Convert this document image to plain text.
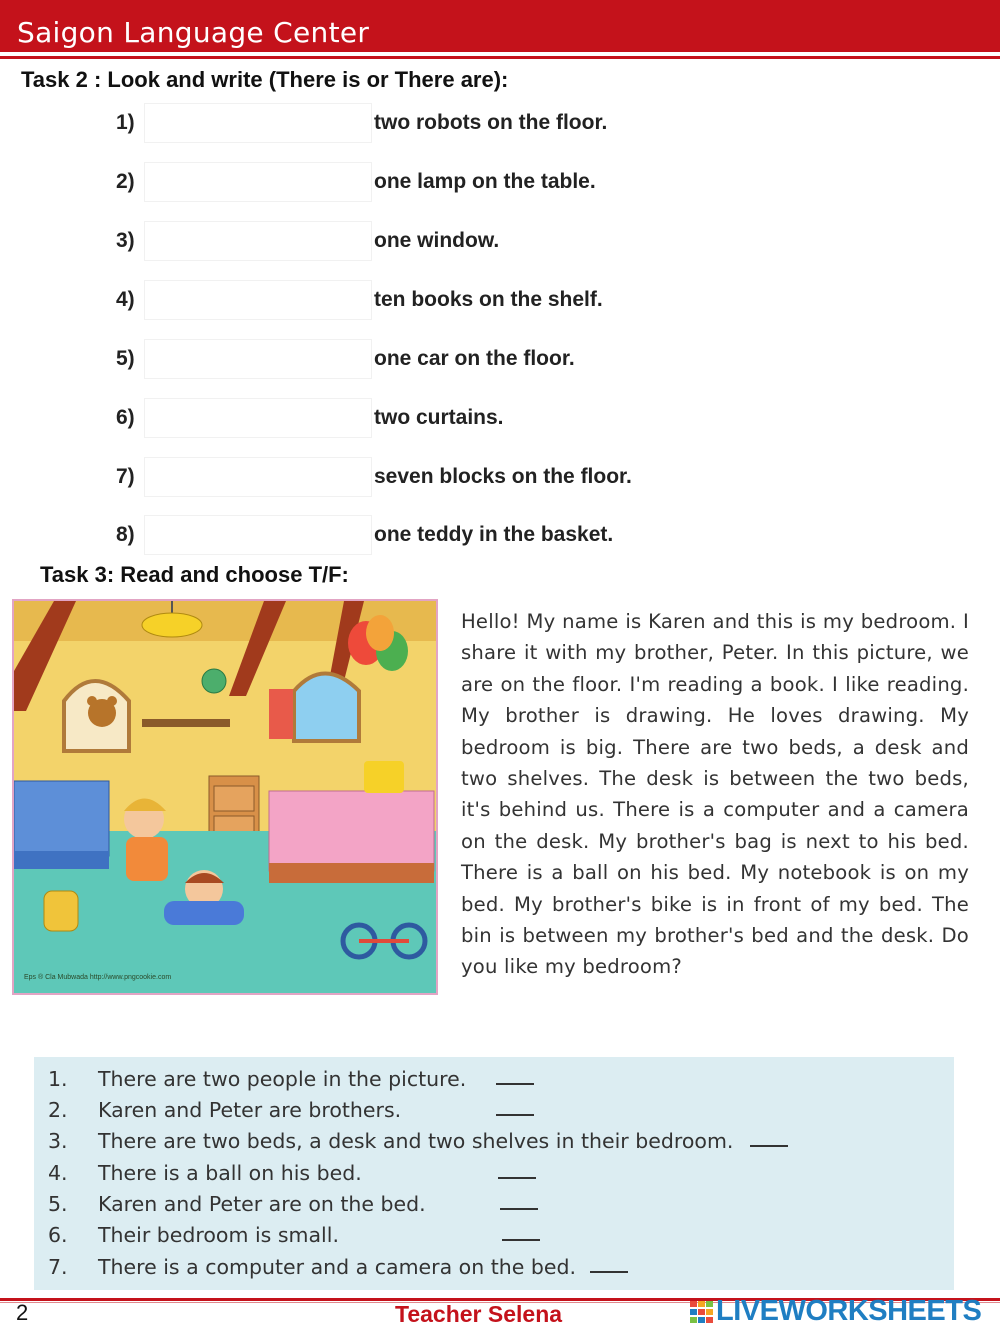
Saigon Language Center
Task 2 : Look and write (There is or There are):
1)	two robots on the floor.
2)	one lamp on the table.
3)	one window.
4)	ten books on the shelf.
5)	one car on the floor.
6)	two curtains.
7)	seven blocks on the floor.
8)	one teddy in the basket.
Task 3: Read and choose T/F:
Eps ® Cla Mubwada http://www.pngcookie.com
Hello! My name is Karen and this is my bedroom. I share it with my brother, Peter. In this picture, we are on the floor. I'm reading a book. I like reading. My brother is drawing. He loves drawing. My bedroom is big. There are two beds, a desk and two shelves. The desk is between the two beds, it's behind us. There is a computer and a camera on the desk. My brother's bag is next to his bed. There is a ball on his bed. My notebook is on my bed. My brother's bike is in front of my bed. The bin is between my brother's bed and the desk. Do you like my bedroom?
1. There are two people in the picture.
2. Karen and Peter are brothers.
3. There are two beds, a desk and two shelves in their bedroom.
4. There is a ball on his bed.
5. Karen and Peter are on the bed.
6. Their bedroom is small.
7. There is a computer and a camera on the bed.
2	Teacher Selena	LIVEWORKSHEETS
